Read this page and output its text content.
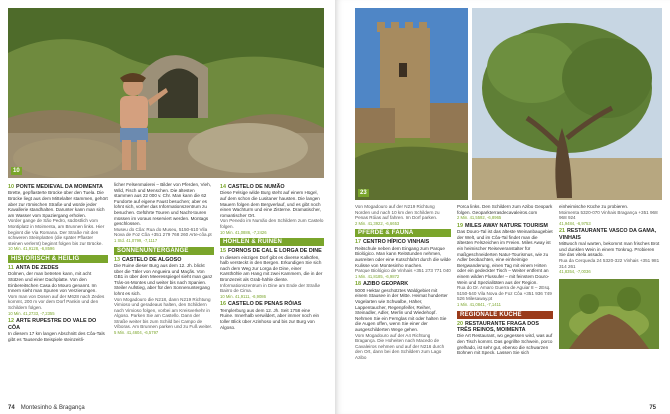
10
10 PONTE MEDIEVAL DA MOIMENTA
Brette, gepflasterte Brücke über den Tuela. Die Brücke liegt aus dem Mittelalter stammen, gehört aber zur römischen Straße und würde jeder Kavallerie standhalten. Darunter kann man sich am Wasser vom Spaziergang erholen.
Vorder gange de São Pedro, südöstlich vom Montiplatz in Moimenta, am Brunnen links. Hier beginnt die Via Romana. Der Straße mit den schweren Steinplatten (die später Pflaster steinen verlernt) beginnt folgen bis zur Brücke.
10 Min. 41,9128, -6,8596
HISTORISCH & HEILIG
11 ANTA DE ZEDES
Dolmen, der man betreten kann, mit acht Stützen und einer Dachplatte. Von den Einbereitschen Casa do Mouro genannt. Im Innern sieht man Spuren von Verzierungen.
Vom man von Dosen auf der M628 nach Zedes kommt, 200 m vor dem Dorf Pankin und den Schildern folgen.
10 Min. 41,2733, -7,2355
12 ARTE RUPESTRE DO VALE DO CÔA
In diesem 17 km langen Abschnitt des Côa-Tals gibt es Tausende Beispiele steinzeitli-
licher Felsenmalerei – Bilder von Pferden, Vieh, Wild, Fisch und Menschen. Die ältesten stammen aus 22 000 v. Chr. Man kann die 62 Fundorte auf eigene Faust besuchen; aber es lohnt sich, vorher das Informationszentrum zu besuchen. Geführte Touren und Nacht-touren müssen im voraus reserviert werden. Montags geschlossen.
Museu do Côa: Rua do Museu, 5150-610 Vila Nova de Foz Côa +351 279 768 260 Arte-côa.pt
1 Std. 41,0799, -7,1117
SONNENUNTERGÄNGE
13 CASTELO DE ALGOSO
Die Ruine dieser Burg aus dem 12. Jh. blickt über die Täler von Angueira und Maçãs. Von GB1 in über dem Meeresspiegel sieht man ganz Trás-os-Montes und weiter bis nach Spanien. Steiler Aufstieg, aber für den Sonnenuntergang lohnt es sich.
Von Mogadouro die N218, dann N219 Richtung Vimioso und geradeaus halten, den Schildern nach Vimioso folgen, vorbei am Kreisverkehr in Algoso. Parken Sie am Castello. Dann der Straße weiter bis zum Schild bei Campo de Víboras. Am Brunnen parken und zu Fuß weiter.
5 Min. 41,4604, -6,5797
14 CASTELO DE NUMÃO
Diese Felsige wilde Burg steht auf einem Hügel, auf dem schon die Lusitaner hausten. Die langen Mauern folgen dem Bergverlauf, und es gibt noch einen Wachturm und eine Zisterne. Dramatischer, romantischer Ort.
Von Penedo im Numão den Schildern zum Castelo folgen.
10 Min. 41,0886, -7,2426
HÖHLEN & RUINEN
15 FORNOS DE CAL E LORGA DE DINE
In diesem einzigen Dorf gibt es diverse Kalköfen, halb versteckt in den Bergen. Erkundigen Sie sich nach dem Weg zur Lorga de Dine, einer Karsthöhle am Hang mit zwei Kammern, die in der Bronzezeit als Grab-hähle diente.
Informationszentrum in Dine am Ende der Straße Bairro de Cima.
10 Min. 41,9111, -6,9086
16 CASTELO DE PENAS RÓIAS
Templerburg aus dem 12. Jh. Seit 1758 eine Ruine. Innerhalb verwildert, aber immer noch ein toller Blick über Azinhoso und bis zur Burg von Algoso.
74 Montesinho & Bragança
23
Von Mogadouro auf der N219 Richtung Norden und nach 10 km den Schildern zu Penas Róias auf fahren. Im Dorf parken.
2 Min. 41,3922, -6,6653
PFERDE & FAUNA
17 CENTRO HÍPICO VINHAIS
Reitschule neben dem Eingang zum Parque Biológico. Man kann Reitstunden nehmen, ausreiten oder eine Kutschfahrt durch die wilde Kulisse von Montesinho machen.
Parque Biológico de Vinhais +351 273 771 040
1 Min. 41,8185, -6,9872
18 AZIBO GEOPARK
5000 Hektar geschütztes Waldgebiet mit einem Stausee in der Mitte. Heimat hunderter Vogelarten wie Schwalbe, Häher, Lappentaucher, Regenpfeifer, Reiher, Steinadler, Adler, Merlin und Wiedehopf. Nehmen Sie ein Fernglas mit oder halten Sie die Augen offen, wenn Sie einer der ausgeschilderten Wege gehen.
Vom Mogadouro auf der A4 Richtung Bragança. Die Hoheiten nach Macedo de Cavaleiros nehmen und auf der N216 durch den Ort, dann bei den Schildern zum Lago Azibo
Porca links. Den Schildern zum Azibo Geopark folgen. Geoparkterrasdecavaleiros.com
2 Min. 41,5592, -6,8965
19 MILES AWAY NATURE TOURISM
Das Douro-Tal ist das älteste Weinanbaugebiet der Welt, und im Côa-Tal findet man die ältesten Felszeichen im Freien. Miles Away ist ein heimischer Reiseveranstalter für maßgeschneiderten Natur-Tourismus, wie zu Adler beobachten, eine einheimige Bergwanderung, einen Tag mit einem Hirten oder ein gedeckter Tisch – Weiter entfernt an einem wilden Flussufer – mit feinstem Douro-Wein und Spezialitäten aus der Region.
Rua do Dr. Amaro Guerra de Aguiar 8 – 2Esq. 5150-540 Vila Nova de Foz Côa +351 936 749 526 Milesaway.pt
1 Min. 41,0841, -7,1411
REGIONALE KÜCHE
20 RESTAURANTE FRAGA DOS TRÊS REINOS, MOIMENTA
Die Art Restaurant, wo gegessen wird, was auf den Tisch kommt. Das gegrillte Schwein, porco grelhado, ist sehr gut, ebenso die schwarzen Bohnen mit Speck. Lassen Sie sich
einheimische Küche zu probieren.
Moimenta 5320-070 Vinhais Bragança +351 968 968 924
41,9484, -6,9753
21 RESTAURANTE VASCO DA GAMA, VINHAIS
Mittwoch mal warten, bekommt man frisches Brot und dunklen Wein in einem Tonkrug. Probieren Sie das vitela assado.
Rua da Cerqueda 24 5320-322 Vinhais +351 981 314 261
41,8354, -7,0036
75
